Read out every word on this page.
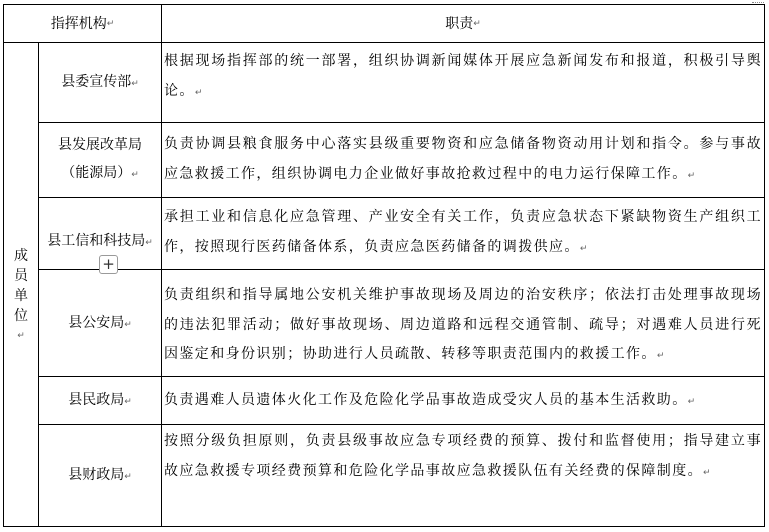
指挥机构 ↵	职责 ↵
成
员
单
位
↵
县委宣传部↵
根据现场指挥部的统一部署，组织协调新闻媒体开展应急新闻发布和报道，积极引导舆论。↵
县发展改革局
（能源局）↵
负责协调县粮食服务中心落实县级重要物资和应急储备物资动用计划和指令。参与事故应急救援工作，组织协调电力企业做好事故抢救过程中的电力运行保障工作。↵
县工信和科技局↵
承担工业和信息化应急管理、产业安全有关工作，负责应急状态下紧缺物资生产组织工作，按照现行医药储备体系，负责应急医药储备的调拨供应。↵
+
县公安局↵
负责组织和指导属地公安机关维护事故现场及周边的治安秩序；依法打击处理事故现场的违法犯罪活动；做好事故现场、周边道路和远程交通管制、疏导；对遇难人员进行死因鉴定和身份识别；协助进行人员疏散、转移等职责范围内的救援工作。↵
县民政局↵ 负责遇难人员遗体火化工作及危险化学品事故造成受灾人员的基本生活救助。↵
县财政局↵
按照分级负担原则，负责县级事故应急专项经费的预算、拨付和监督使用；指导建立事故应急救援专项经费预算和危险化学品事故应急救援队伍有关经费的保障制度。↵
